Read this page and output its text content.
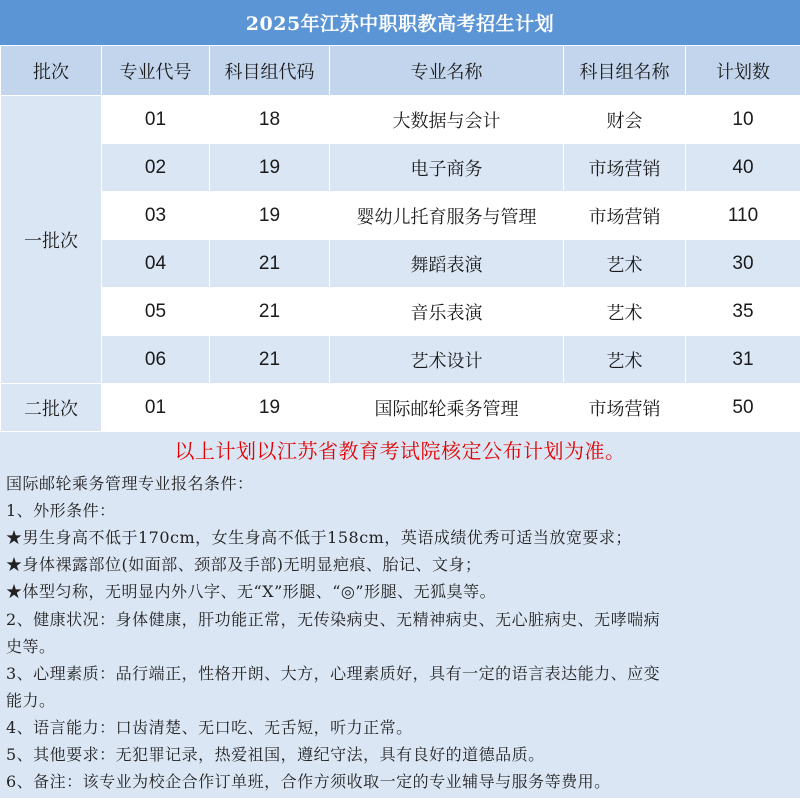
2025年江苏中职职教高考招生计划
批次	专业代号	科目组代码	专业名称	科目组名称	计划数
一批次	01	18	大数据与会计	财会	10
	02	19	电子商务	市场营销	40
	03	19	婴幼儿托育服务与管理	市场营销	110
	04	21	舞蹈表演	艺术	30
	05	21	音乐表演	艺术	35
	06	21	艺术设计	艺术	31
二批次	01	19	国际邮轮乘务管理	市场营销	50
以上计划以江苏省教育考试院核定公布计划为准。
国际邮轮乘务管理专业报名条件：
1、外形条件：
★男生身高不低于170cm，女生身高不低于158cm，英语成绩优秀可适当放宽要求；
★身体裸露部位(如面部、颈部及手部)无明显疤痕、胎记、文身；
★体型匀称，无明显内外八字、无“X”形腿、“◎”形腿、无狐臭等。
2、健康状况：身体健康，肝功能正常，无传染病史、无精神病史、无心脏病史、无哮喘病
史等。
3、心理素质：品行端正，性格开朗、大方，心理素质好，具有一定的语言表达能力、应变
能力。
4、语言能力：口齿清楚、无口吃、无舌短，听力正常。
5、其他要求：无犯罪记录，热爱祖国，遵纪守法，具有良好的道德品质。
6、备注：该专业为校企合作订单班，合作方须收取一定的专业辅导与服务等费用。
